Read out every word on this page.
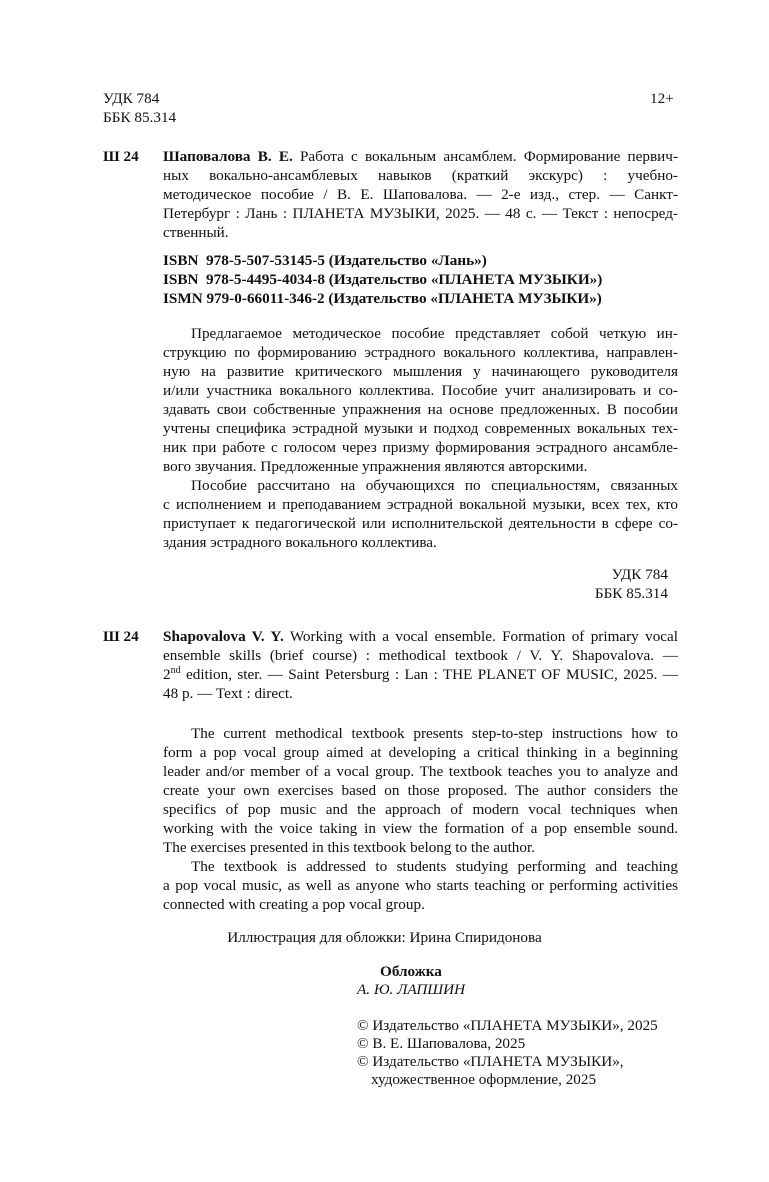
УДК 784
ББК 85.314
12+
Ш 24 Шаповалова В. Е. Работа с вокальным ансамблем. Формирование первич-
ных вокально-ансамблевых навыков (краткий экскурс) : учебно-
методическое пособие / В. Е. Шаповалова. — 2-е изд., стер. — Санкт-
Петербург : Лань : ПЛАНЕТА МУЗЫКИ, 2025. — 48 с. — Текст : непосред-
ственный.
ISBN  978-5-507-53145-5 (Издательство «Лань»)
ISBN  978-5-4495-4034-8 (Издательство «ПЛАНЕТА МУЗЫКИ»)
ISMN 979-0-66011-346-2 (Издательство «ПЛАНЕТА МУЗЫКИ»)
Предлагаемое методическое пособие представляет собой четкую ин-
струкцию по формированию эстрадного вокального коллектива, направлен-
ную на развитие критического мышления у начинающего руководителя
и/или участника вокального коллектива. Пособие учит анализировать и со-
здавать свои собственные упражнения на основе предложенных. В пособии
учтены специфика эстрадной музыки и подход современных вокальных тех-
ник при работе с голосом через призму формирования эстрадного ансамбле-
вого звучания. Предложенные упражнения являются авторскими.
Пособие рассчитано на обучающихся по специальностям, связанных
с исполнением и преподаванием эстрадной вокальной музыки, всех тех, кто
приступает к педагогической или исполнительской деятельности в сфере со-
здания эстрадного вокального коллектива.
УДК 784
ББК 85.314
Ш 24 Shapovalova V. Y. Working with a vocal ensemble. Formation of primary vocal
ensemble skills (brief course) : methodical textbook / V. Y. Shapovalova. —
2nd edition, ster. — Saint Petersburg : Lan : THE PLANET OF MUSIC, 2025. —
48 p. — Text : direct.
The current methodical textbook presents step-to-step instructions how to
form a pop vocal group aimed at developing a critical thinking in a beginning
leader and/or member of a vocal group. The textbook teaches you to analyze and
create your own exercises based on those proposed. The author considers the
specifics of pop music and the approach of modern vocal techniques when
working with the voice taking in view the formation of a pop ensemble sound.
The exercises presented in this textbook belong to the author.
The textbook is addressed to students studying performing and teaching
a pop vocal music, as well as anyone who starts teaching or performing activities
connected with creating a pop vocal group.
Иллюстрация для обложки: Ирина Спиридонова
Обложка
А. Ю. ЛАПШИН
© Издательство «ПЛАНЕТА МУЗЫКИ», 2025
© В. Е. Шаповалова, 2025
© Издательство «ПЛАНЕТА МУЗЫКИ»,
художественное оформление, 2025
